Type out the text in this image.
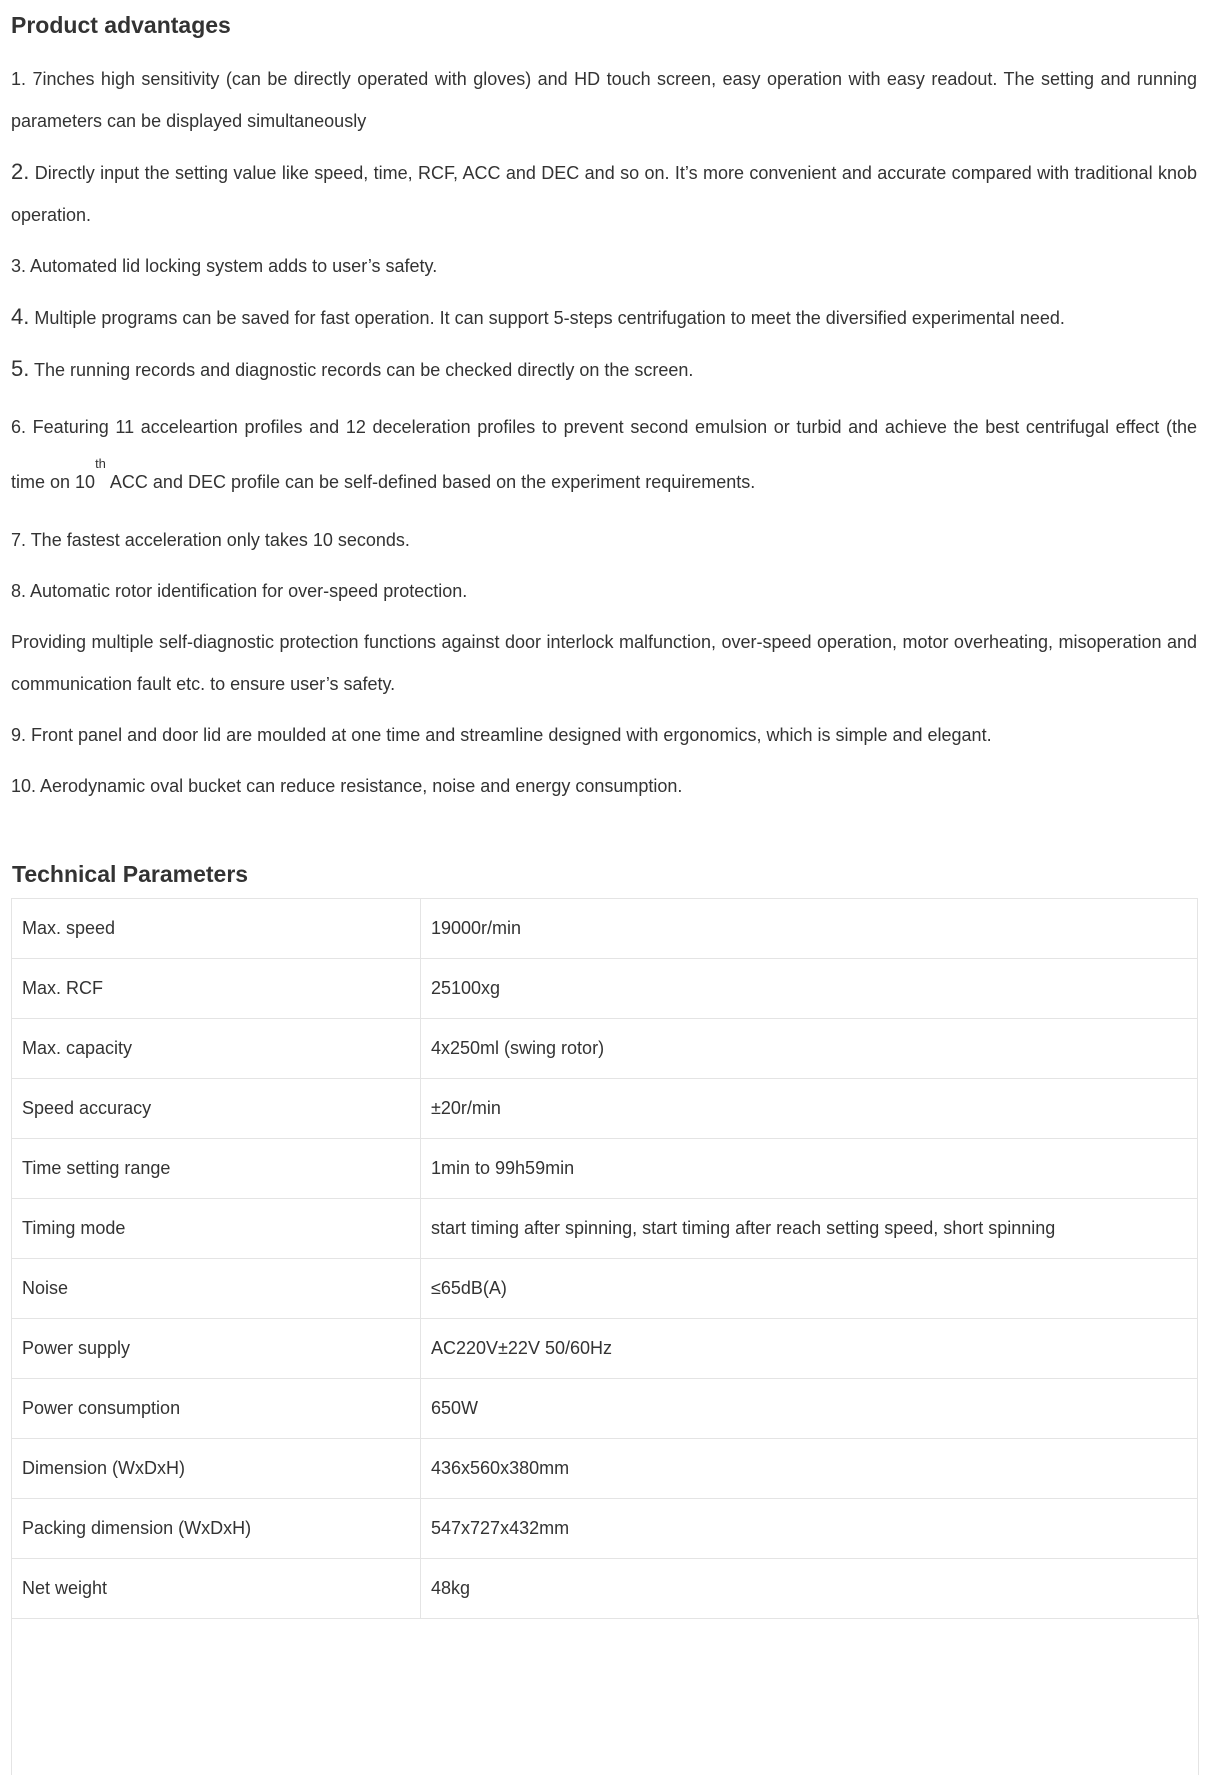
Product advantages

1. 7inches high sensitivity (can be directly operated with gloves) and HD touch screen, easy operation with easy readout. The setting and running parameters can be displayed simultaneously

2. Directly input the setting value like speed, time, RCF, ACC and DEC and so on. It’s more convenient and accurate compared with traditional knob operation.

3. Automated lid locking system adds to user’s safety.

4. Multiple programs can be saved for fast operation. It can support 5-steps centrifugation to meet the diversified experimental need.

5. The running records and diagnostic records can be checked directly on the screen.

6. Featuring 11 acceleartion profiles and 12 deceleration profiles to prevent second emulsion or turbid and achieve the best centrifugal effect (the time on 10th ACC and DEC profile can be self-defined based on the experiment requirements.

7. The fastest acceleration only takes 10 seconds.

8. Automatic rotor identification for over-speed protection.

Providing multiple self-diagnostic protection functions against door interlock malfunction, over-speed operation, motor overheating, misoperation and communication fault etc. to ensure user’s safety.

9. Front panel and door lid are moulded at one time and streamline designed with ergonomics, which is simple and elegant.

10. Aerodynamic oval bucket can reduce resistance, noise and energy consumption.

Technical Parameters
Max. speed	19000r/min
Max. RCF	25100xg
Max. capacity	4x250ml (swing rotor)
Speed accuracy	±20r/min
Time setting range	1min to 99h59min
Timing mode	start timing after spinning, start timing after reach setting speed, short spinning
Noise	≤65dB(A)
Power supply	AC220V±22V 50/60Hz
Power consumption	650W
Dimension (WxDxH)	436x560x380mm
Packing dimension (WxDxH)	547x727x432mm
Net weight	48kg
